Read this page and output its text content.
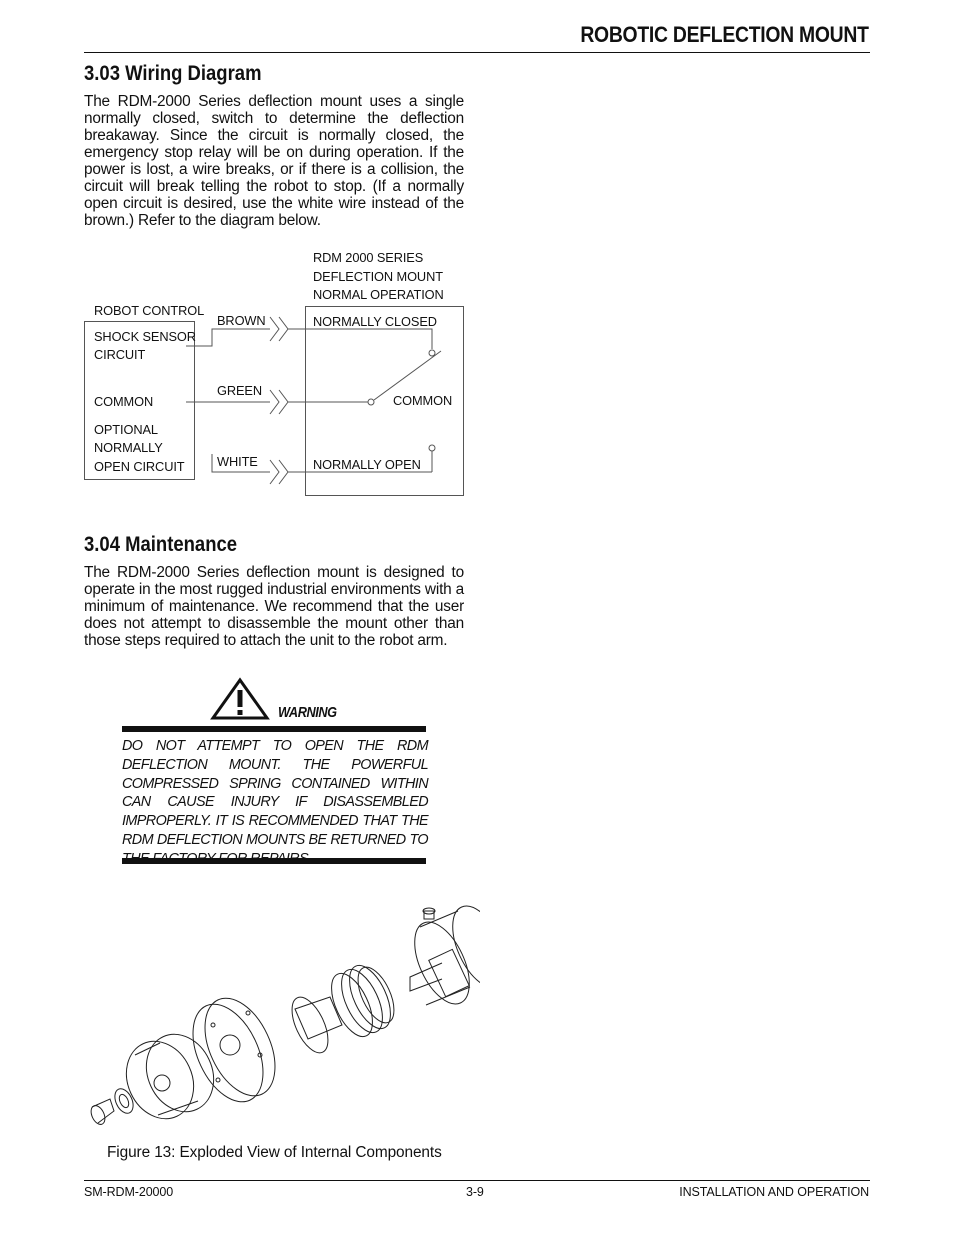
ROBOTIC DEFLECTION MOUNT
3.03 Wiring Diagram
The RDM-2000 Series deflection mount uses a single normally closed, switch to determine the deflection breakaway. Since the circuit is normally closed, the emergency stop relay will be on during operation. If the power is lost, a wire breaks, or if there is a collision, the circuit will break telling the robot to stop. (If a normally open circuit is desired, use the white wire instead of the brown.) Refer to the diagram below.
RDM 2000 SERIES
DEFLECTION MOUNT
NORMAL OPERATION
ROBOT CONTROL
SHOCK SENSOR
CIRCUIT
COMMON
OPTIONAL
NORMALLY
OPEN CIRCUIT
BROWN
GREEN
WHITE
NORMALLY CLOSED
COMMON
NORMALLY OPEN
3.04 Maintenance
The RDM-2000 Series deflection mount is designed to operate in the most rugged industrial environments with a minimum of maintenance. We recommend that the user does not attempt to disassemble the mount other than those steps required to attach the unit to the robot arm.
WARNING
DO NOT ATTEMPT TO OPEN THE RDM DEFLECTION MOUNT. THE POWERFUL COMPRESSED SPRING CONTAINED WITHIN CAN CAUSE INJURY IF DISASSEMBLED IMPROPERLY. IT IS RECOMMENDED THAT THE RDM DEFLECTION MOUNTS BE RETURNED TO
Figure 13: Exploded View of Internal Components
SM-RDM-20000	3-9	INSTALLATION AND OPERATION
